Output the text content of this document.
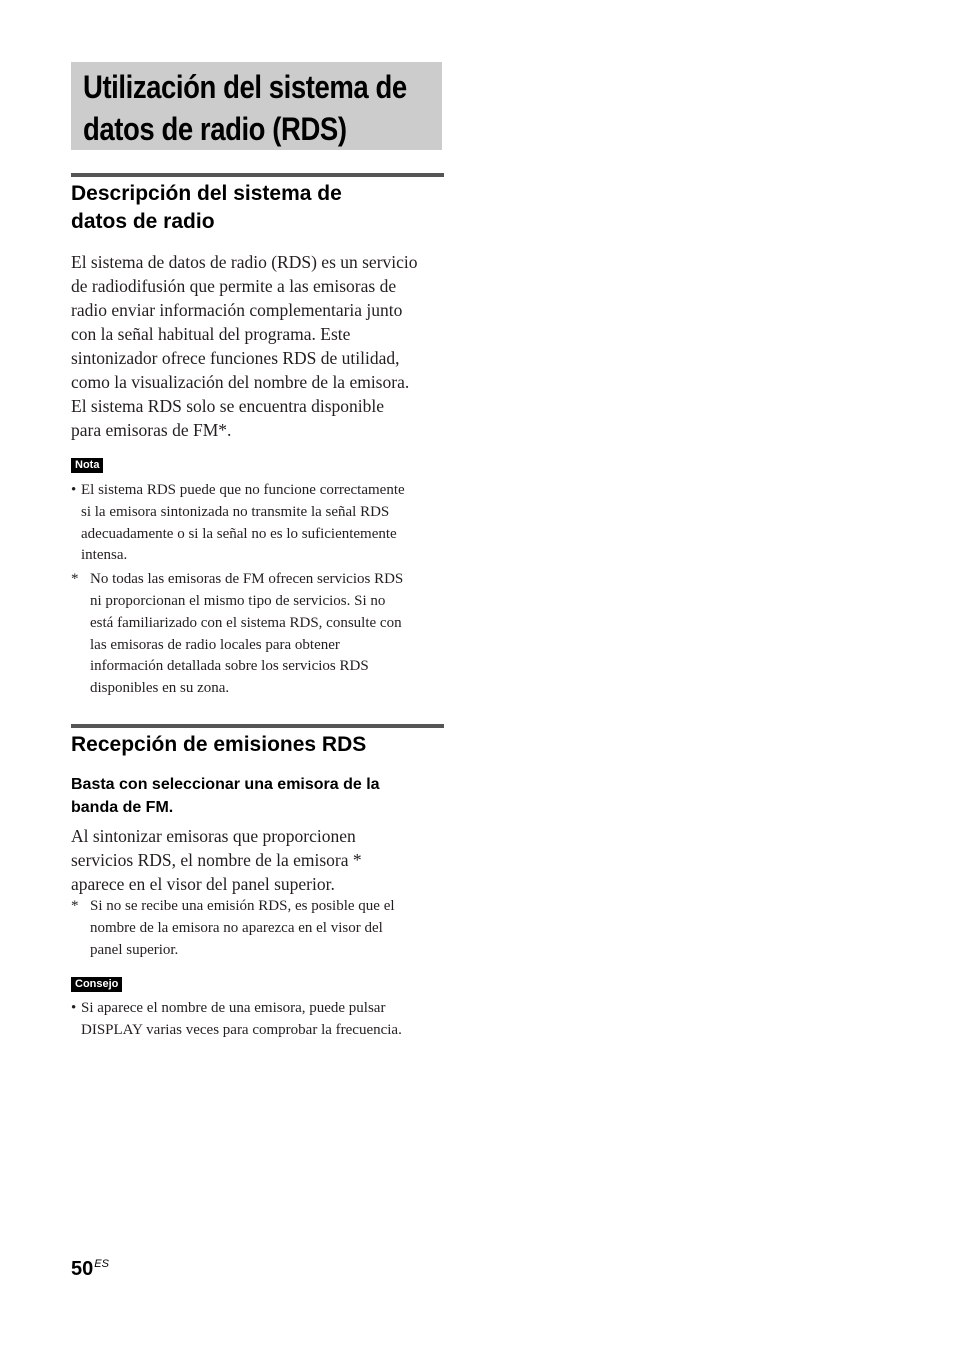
Utilización del sistema de
datos de radio (RDS)
Descripción del sistema de
datos de radio
El sistema de datos de radio (RDS) es un servicio
de radiodifusión que permite a las emisoras de
radio enviar información complementaria junto
con la señal habitual del programa. Este
sintonizador ofrece funciones RDS de utilidad,
como la visualización del nombre de la emisora.
El sistema RDS solo se encuentra disponible
para emisoras de FM*.
Nota
• El sistema RDS puede que no funcione correctamente
si la emisora sintonizada no transmite la señal RDS
adecuadamente o si la señal no es lo suficientemente
intensa.
* No todas las emisoras de FM ofrecen servicios RDS
ni proporcionan el mismo tipo de servicios. Si no
está familiarizado con el sistema RDS, consulte con
las emisoras de radio locales para obtener
información detallada sobre los servicios RDS
disponibles en su zona.
Recepción de emisiones RDS
Basta con seleccionar una emisora de la
banda de FM.
Al sintonizar emisoras que proporcionen
servicios RDS, el nombre de la emisora *
aparece en el visor del panel superior.
* Si no se recibe una emisión RDS, es posible que el
nombre de la emisora no aparezca en el visor del
panel superior.
Consejo
• Si aparece el nombre de una emisora, puede pulsar
DISPLAY varias veces para comprobar la frecuencia.
$50^{ES}$
